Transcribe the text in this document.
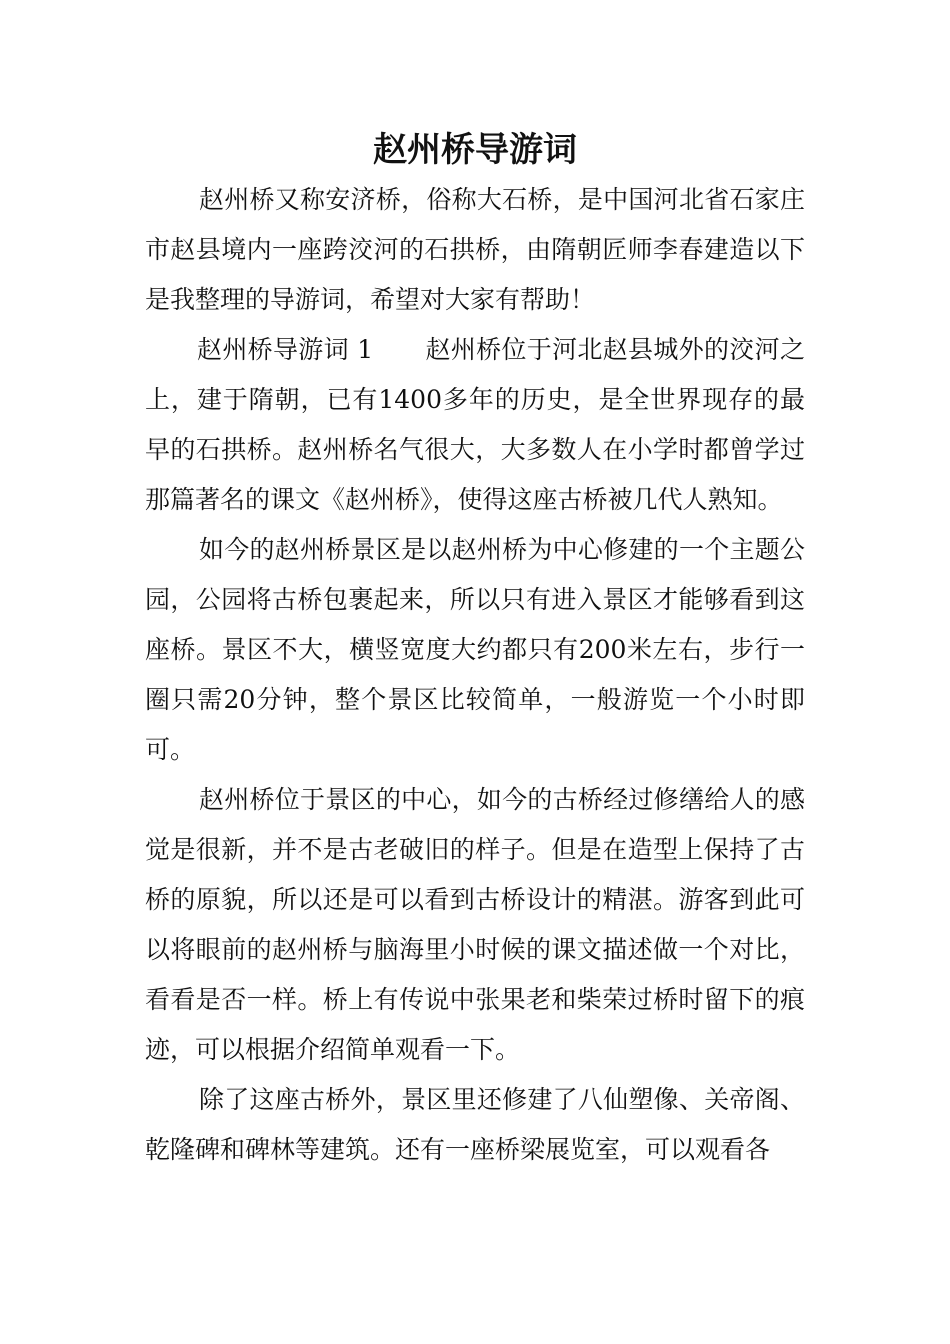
赵州桥导游词

赵州桥又称安济桥，俗称大石桥，是中国河北省石家庄市赵县境内一座跨洨河的石拱桥，由隋朝匠师李春建造以下是我整理的导游词，希望对大家有帮助！

赵州桥导游词 1 赵州桥位于河北赵县城外的洨河之上，建于隋朝，已有1400多年的历史，是全世界现存的最早的石拱桥。赵州桥名气很大，大多数人在小学时都曾学过那篇著名的课文《赵州桥》，使得这座古桥被几代人熟知。

如今的赵州桥景区是以赵州桥为中心修建的一个主题公园，公园将古桥包裹起来，所以只有进入景区才能够看到这座桥。景区不大，横竖宽度大约都只有200米左右，步行一圈只需20分钟，整个景区比较简单，一般游览一个小时即可。

赵州桥位于景区的中心，如今的古桥经过修缮给人的感觉是很新，并不是古老破旧的样子。但是在造型上保持了古桥的原貌，所以还是可以看到古桥设计的精湛。游客到此可以将眼前的赵州桥与脑海里小时候的课文描述做一个对比，看看是否一样。桥上有传说中张果老和柴荣过桥时留下的痕迹，可以根据介绍简单观看一下。

除了这座古桥外，景区里还修建了八仙塑像、关帝阁、乾隆碑和碑林等建筑。还有一座桥梁展览室，可以观看各
